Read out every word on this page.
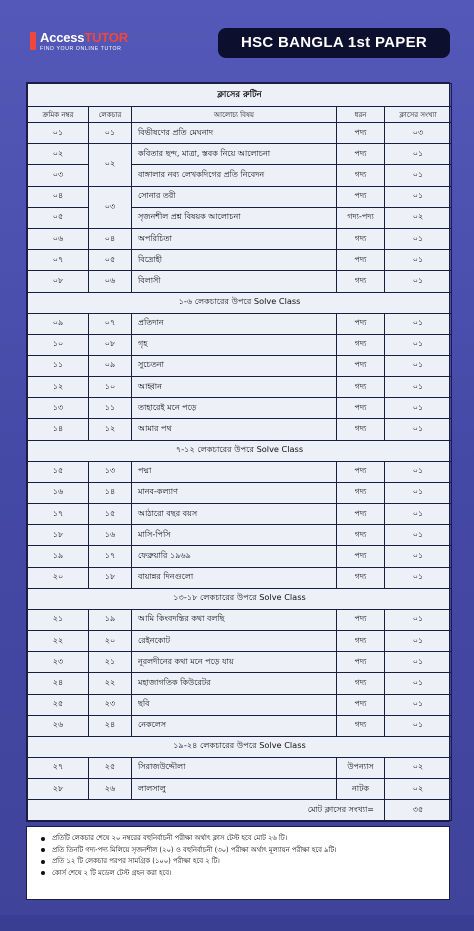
AccessTUTOR
FIND YOUR ONLINE TUTOR	HSC BANGLA 1st PAPER
ক্লাসের রুটিন				
ক্রমিক নম্বর	লেকচার	আলোচ্য বিষয়	ধরন	ক্লাসের সংখ্যা
০১	০১	বিভীষণের প্রতি মেঘনাদ	পদ্য	০৩
০২	০২	কবিতার ছন্দ, মাত্রা, স্তবক নিয়ে আলোচনা	পদ্য	০১
০৩		বাঙ্গালার নব্য লেখকদিগের প্রতি নিবেদন	গদ্য	০১
০৪	০৩	সোনার তরী	পদ্য	০১
০৫		সৃজনশীল প্রশ্ন বিষয়ক আলোচনা	গদ্য-পদ্য	০২
০৬	০৪	অপরিচিতা	গদ্য	০১
০৭	০৫	বিদ্রোহী	পদ্য	০১
০৮	০৬	বিলাসী	গদ্য	০১
১-৬ লেকচারের উপরে Solve Class				
০৯	০৭	প্রতিদান	পদ্য	০১
১০	০৮	গৃহ	গদ্য	০১
১১	০৯	সুচেতনা	পদ্য	০১
১২	১০	আহ্বান	গদ্য	০১
১৩	১১	তাহারেই মনে পড়ে	পদ্য	০১
১৪	১২	আমার পথ	গদ্য	০১
৭-১২ লেকচারের উপরে Solve Class				
১৫	১৩	পদ্মা	পদ্য	০১
১৬	১৪	মানব-কল্যাণ	গদ্য	০১
১৭	১৫	আঠারো বছর বয়স	পদ্য	০১
১৮	১৬	মাসি-পিসি	গদ্য	০১
১৯	১৭	ফেব্রুয়ারি ১৯৬৯	পদ্য	০১
২০	১৮	বায়ান্নর দিনগুলো	গদ্য	০১
১৩-১৮ লেকচারের উপরে Solve Class				
২১	১৯	আমি কিংবদন্তির কথা বলছি	পদ্য	০১
২২	২০	রেইনকোট	গদ্য	০১
২৩	২১	নূরলদীনের কথা মনে পড়ে যায়	পদ্য	০১
২৪	২২	মহাজাগতিক কিউরেটর	গদ্য	০১
২৫	২৩	ছবি	পদ্য	০১
২৬	২৪	নেকলেস	গদ্য	০১
১৯-২৪ লেকচারের উপরে Solve Class				
২৭	২৫	সিরাজউদ্দৌলা	উপন্যাস	০২
২৮	২৬	লালসালু	নাটক	০২
মোট ক্লাসের সংখ্যা=				৩৫
প্রতিটি লেকচার শেষে ২০ নম্বরের বহুনির্বাচনী পরীক্ষা অর্থাৎ ক্লাস টেস্ট হবে মোট ২৬ টি।
প্রতি তিনটি গদ্য-পদ্য মিলিয়ে সৃজনশীল (২০) ও বহুনির্বাচনী (৩০) পরীক্ষা অর্থাৎ মূল্যায়ন পরীক্ষা হবে ৯টি।
প্রতি ১২ টি লেকচার পরপর সামগ্রিক (১০০) পরীক্ষা হবে ২ টি।
কোর্স শেষে ২ টি মডেল টেস্ট গ্রহন করা হবে।
